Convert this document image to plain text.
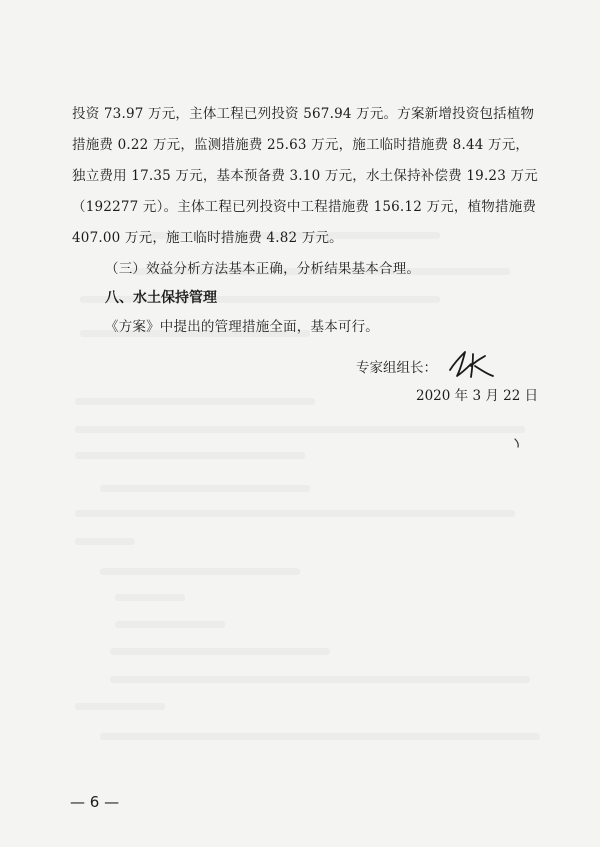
投资 73.97 万元，主体工程已列投资 567.94 万元。方案新增投资包括植物
措施费 0.22 万元，监测措施费 25.63 万元，施工临时措施费 8.44 万元，
独立费用 17.35 万元，基本预备费 3.10 万元，水土保持补偿费 19.23 万元
（192277 元）。主体工程已列投资中工程措施费 156.12 万元，植物措施费
407.00 万元，施工临时措施费 4.82 万元。
（三）效益分析方法基本正确，分析结果基本合理。
八、水土保持管理
《方案》中提出的管理措施全面，基本可行。
专家组组长：
2020 年 3 月 22 日
— 6 —
